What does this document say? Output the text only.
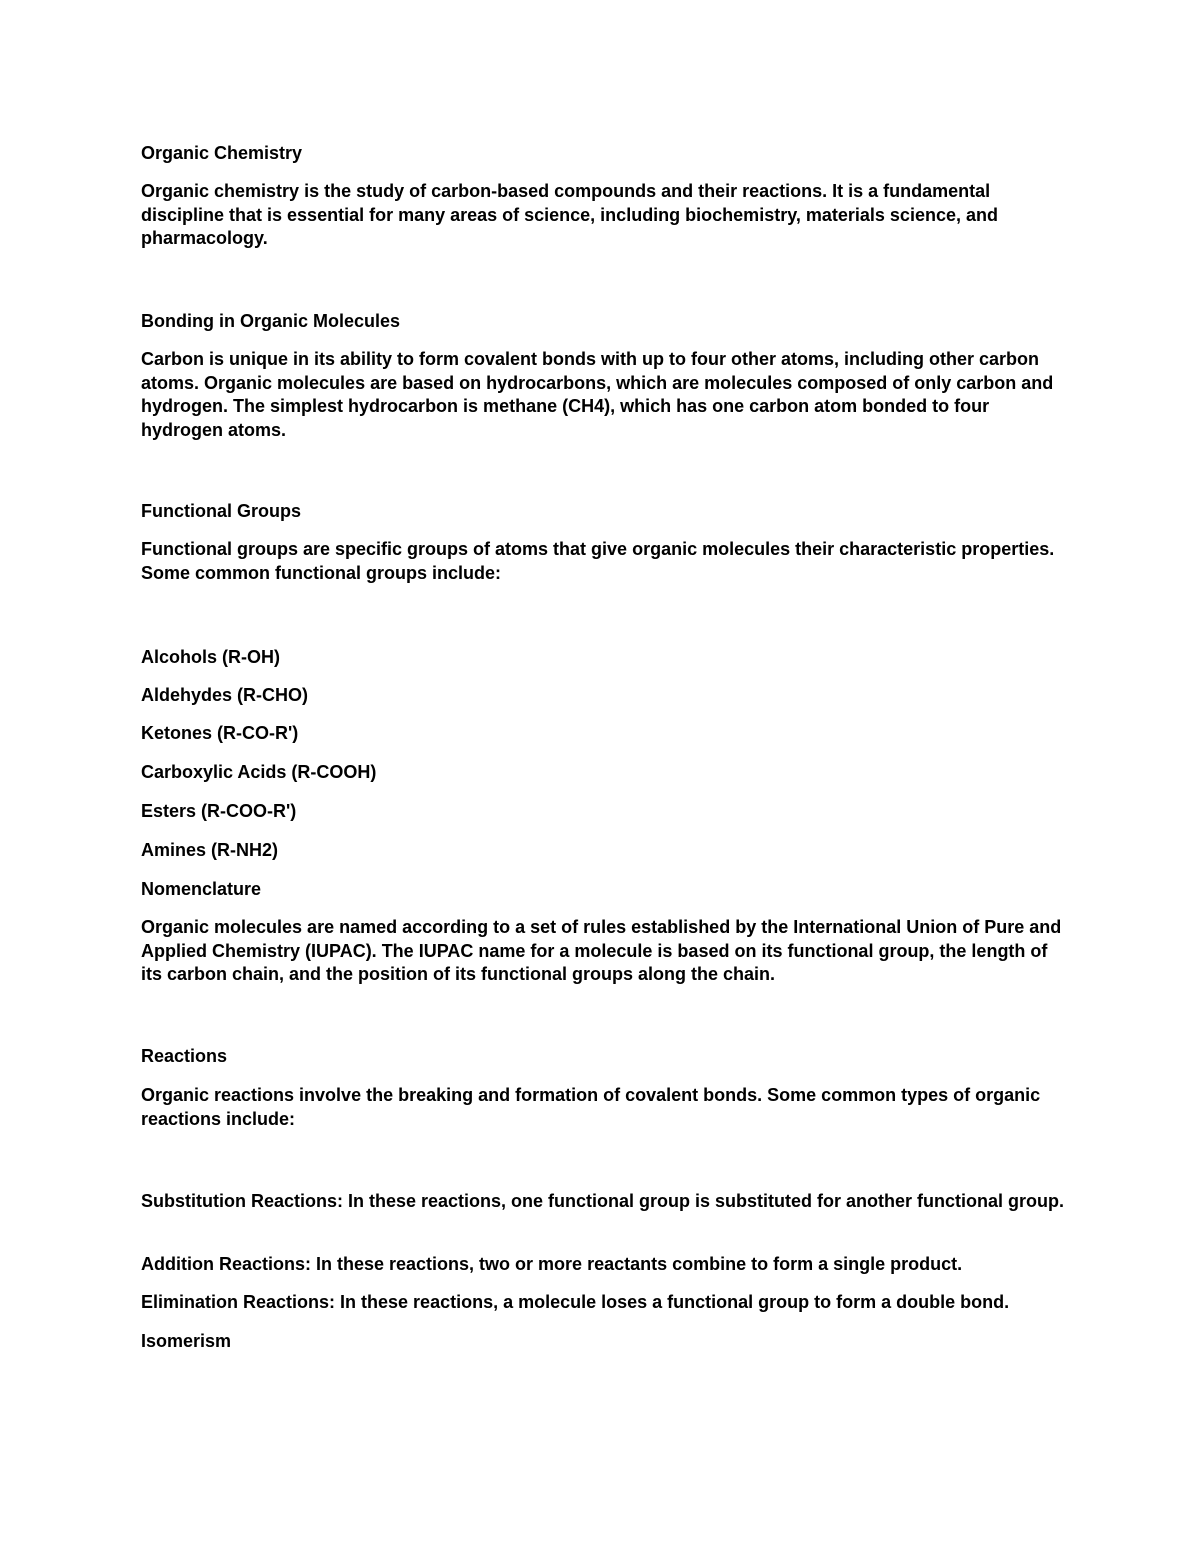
Organic Chemistry

Organic chemistry is the study of carbon-based compounds and their reactions. It is a fundamental discipline that is essential for many areas of science, including biochemistry, materials science, and pharmacology.

Bonding in Organic Molecules

Carbon is unique in its ability to form covalent bonds with up to four other atoms, including other carbon atoms. Organic molecules are based on hydrocarbons, which are molecules composed of only carbon and hydrogen. The simplest hydrocarbon is methane (CH4), which has one carbon atom bonded to four hydrogen atoms.

Functional Groups

Functional groups are specific groups of atoms that give organic molecules their characteristic properties. Some common functional groups include:

Alcohols (R-OH)

Aldehydes (R-CHO)

Ketones (R-CO-R')

Carboxylic Acids (R-COOH)

Esters (R-COO-R')

Amines (R-NH2)

Nomenclature

Organic molecules are named according to a set of rules established by the International Union of Pure and Applied Chemistry (IUPAC). The IUPAC name for a molecule is based on its functional group, the length of its carbon chain, and the position of its functional groups along the chain.

Reactions

Organic reactions involve the breaking and formation of covalent bonds. Some common types of organic reactions include:

Substitution Reactions: In these reactions, one functional group is substituted for another functional group.

Addition Reactions: In these reactions, two or more reactants combine to form a single product.

Elimination Reactions: In these reactions, a molecule loses a functional group to form a double bond.

Isomerism
